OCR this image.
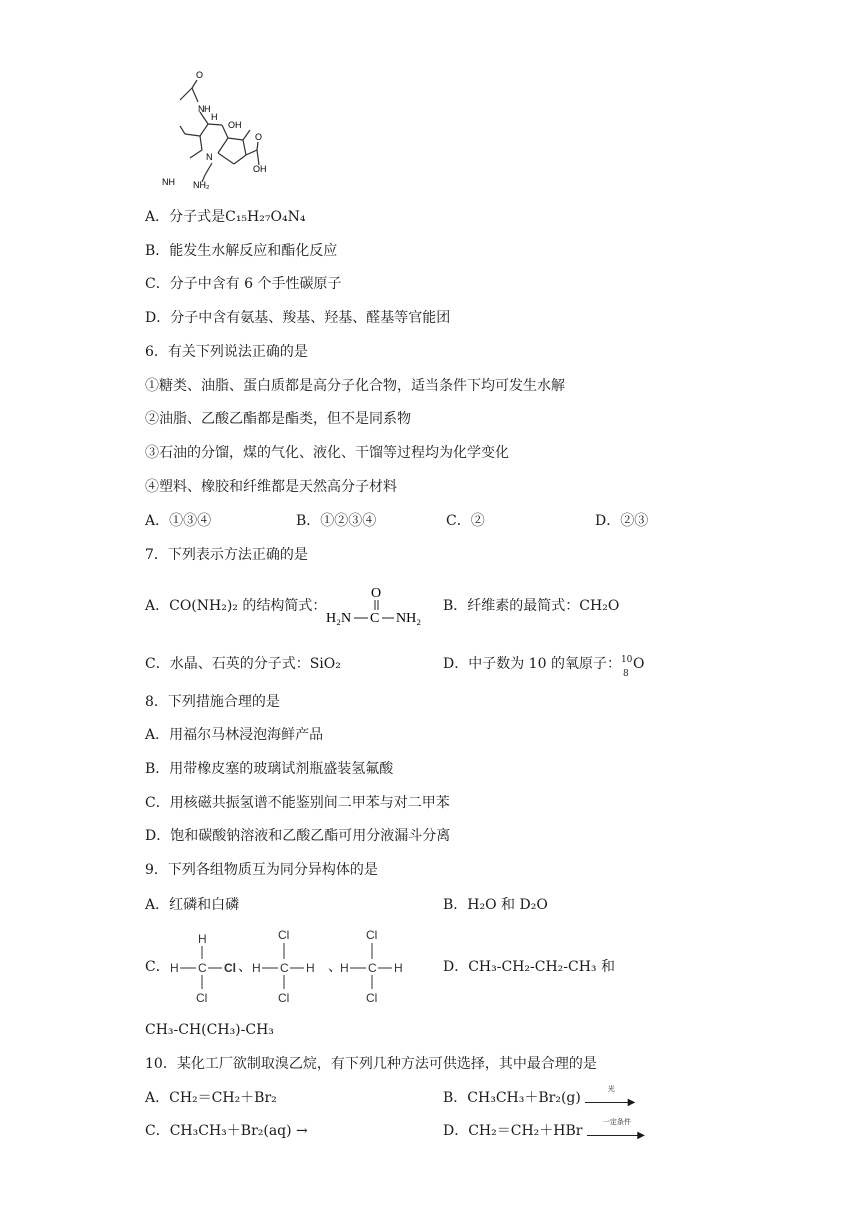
O
N H
H
OH
NH NH₂
O
OH
N
A．分子式是C₁₅H₂₇O₄N₄
B．能发生水解反应和酯化反应
C．分子中含有 6 个手性碳原子
D．分子中含有氨基、羧基、羟基、醛基等官能团
6．有关下列说法正确的是
①糖类、油脂、蛋白质都是高分子化合物，适当条件下均可发生水解
②油脂、乙酸乙酯都是酯类，但不是同系物
③石油的分馏，煤的气化、液化、干馏等过程均为化学变化
④塑料、橡胶和纤维都是天然高分子材料
A．①③④	B．①②③④	C．②	D．②③
7．下列表示方法正确的是
A．CO(NH₂)₂ 的结构简式：
O
H₂N C NH₂
B．纤维素的最简式：CH₂O
C．水晶、石英的分子式：SiO₂	D．中子数为 10 的氧原子： 10
8
O
8．下列措施合理的是
A．用福尔马林浸泡海鲜产品
B．用带橡皮塞的玻璃试剂瓶盛装氢氟酸
C．用核磁共振氢谱不能鉴别间二甲苯与对二甲苯
D．饱和碳酸钠溶液和乙酸乙酯可用分液漏斗分离
9．下列各组物质互为同分异构体的是
A．红磷和白磷	B．H₂O 和 D₂O
C．
H
H C Cl
Cl
、
Cl
H C H
Cl
、
Cl
H C H
Cl
D．CH₃-CH₂-CH₂-CH₃ 和
CH₃-CH(CH₃)-CH₃
10．某化工厂欲制取溴乙烷，有下列几种方法可供选择，其中最合理的是
A．CH₂＝CH₂＋Br₂	B．CH₃CH₃＋Br₂(g)
光
▶
C．CH₃CH₃＋Br₂(aq) →	D．CH₂＝CH₂＋HBr
一定条件
▶
